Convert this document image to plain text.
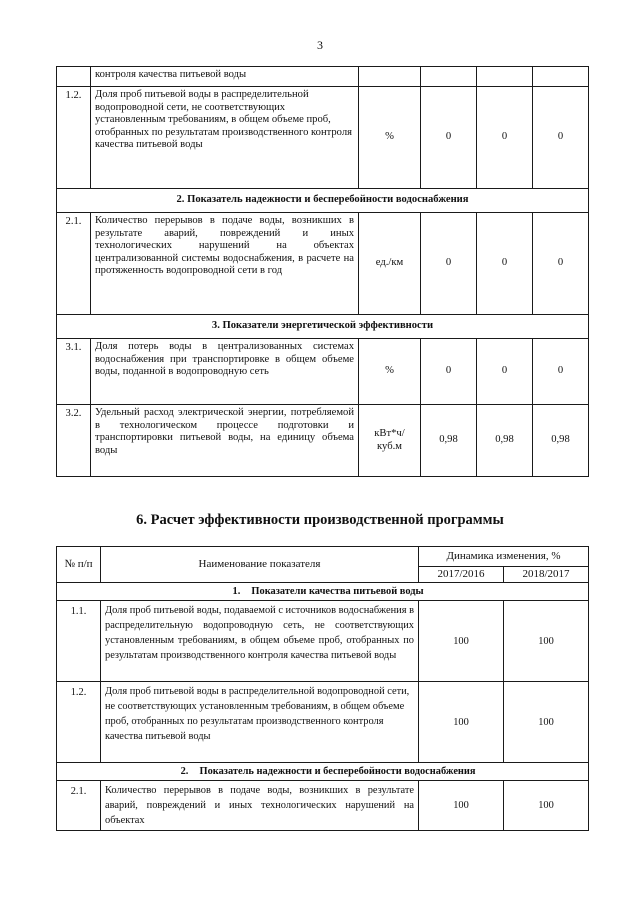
3
	контроля качества питьевой воды				
1.2.	Доля проб питьевой воды в распределительной водопроводной сети, не соответствующих установленным требованиям, в общем объеме проб, отобранных по результатам производственного контроля качества питьевой воды	%	0	0	0
2. Показатель надежности и бесперебойности водоснабжения					
2.1.	Количество перерывов в подаче воды, возникших в результате аварий, повреждений и иных технологических нарушений на объектах централизованной системы водоснабжения, в расчете на протяженность водопроводной сети в год	ед./км	0	0	0
3. Показатели энергетической эффективности					
3.1.	Доля потерь воды в централизованных системах водоснабжения при транспортировке в общем объеме воды, поданной в водопроводную сеть	%	0	0	0
3.2.	Удельный расход электрической энергии, потребляемой в технологическом процессе подготовки и транспортировки питьевой воды, на единицу объема воды	кВт*ч/ куб.м	0,98	0,98	0,98
6. Расчет эффективности производственной программы
№ п/п	Наименование показателя	Динамика изменения, %	
		2017/2016	2018/2017
1. Показатели качества питьевой воды			
1.1.	Доля проб питьевой воды, подаваемой с источников водоснабжения в распределительную водопроводную сеть, не соответствующих установленным требованиям, в общем объеме проб, отобранных по результатам производственного контроля качества питьевой воды	100	100
1.2.	Доля проб питьевой воды в распределительной водопроводной сети, не соответствующих установленным требованиям, в общем объеме проб, отобранных по результатам производственного контроля качества питьевой воды	100	100
2. Показатель надежности и бесперебойности водоснабжения			
2.1.	Количество перерывов в подаче воды, возникших в результате аварий, повреждений и иных технологических нарушений на объектах	100	100
